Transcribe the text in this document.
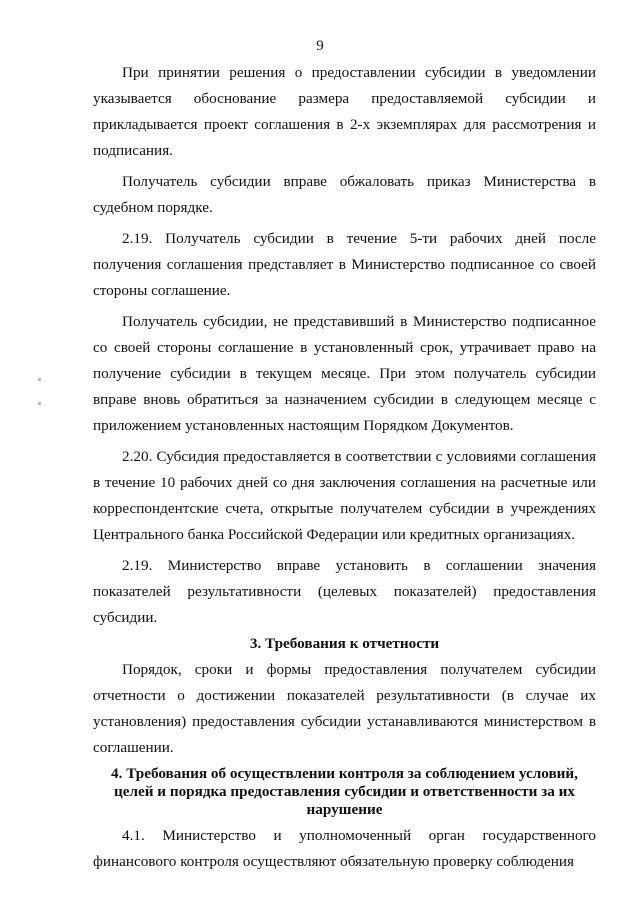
9

При принятии решения о предоставлении субсидии в уведомлении указывается обоснование размера предоставляемой субсидии и прикладывается проект соглашения в 2-х экземплярах для рассмотрения и подписания.

Получатель субсидии вправе обжаловать приказ Министерства в судебном порядке.

2.19. Получатель субсидии в течение 5-ти рабочих дней после получения соглашения представляет в Министерство подписанное со своей стороны соглашение.

Получатель субсидии, не представивший в Министерство подписанное со своей стороны соглашение в установленный срок, утрачивает право на получение субсидии в текущем месяце. При этом получатель субсидии вправе вновь обратиться за назначением субсидии в следующем месяце с приложением установленных настоящим Порядком Документов.

2.20. Субсидия предоставляется в соответствии с условиями соглашения в течение 10 рабочих дней со дня заключения соглашения на расчетные или корреспондентские счета, открытые получателем субсидии в учреждениях Центрального банка Российской Федерации или кредитных организациях.

2.19. Министерство вправе установить в соглашении значения показателей результативности (целевых показателей) предоставления субсидии.

3. Требования к отчетности

Порядок, сроки и формы предоставления получателем субсидии отчетности о достижении показателей результативности (в случае их установления) предоставления субсидии устанавливаются министерством в соглашении.

4. Требования об осуществлении контроля за соблюдением условий, целей и порядка предоставления субсидии и ответственности за их нарушение

4.1. Министерство и уполномоченный орган государственного финансового контроля осуществляют обязательную проверку соблюдения
